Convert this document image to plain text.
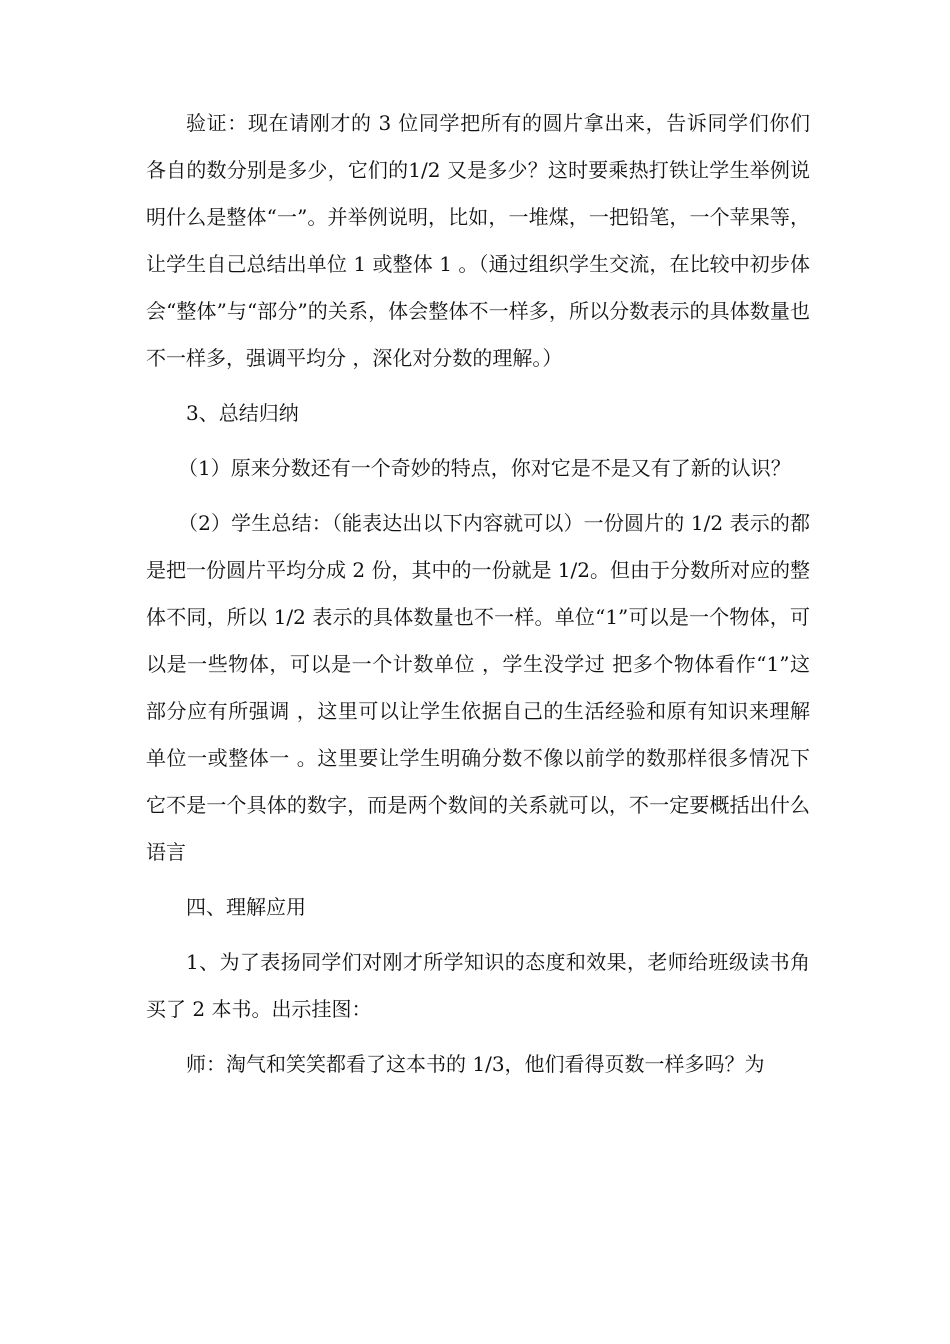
验证：现在请刚才的 3 位同学把所有的圆片拿出来，告诉同学们你们各自的数分别是多少，它们的1/2 又是多少？这时要乘热打铁让学生举例说明什么是整体“一”。并举例说明，比如，一堆煤，一把铅笔，一个苹果等， 让学生自己总结出单位 1 或整体 1 。（通过组织学生交流，在比较中初步体会“整体”与“部分”的关系，体会整体不一样多，所以分数表示的具体数量也不一样多，强调平均分 ，深化对分数的理解。）

3、总结归纳

（1）原来分数还有一个奇妙的特点，你对它是不是又有了新的认识？

（2）学生总结：（能表达出以下内容就可以）一份圆片的 1/2 表示的都是把一份圆片平均分成 2 份，其中的一份就是 1/2。但由于分数所对应的整体不同，所以 1/2 表示的具体数量也不一样。单位“1”可以是一个物体，可以是一些物体，可以是一个计数单位 ，学生没学过 把多个物体看作“1”这部分应有所强调 ，这里可以让学生依据自己的生活经验和原有知识来理解单位一或整体一 。这里要让学生明确分数不像以前学的数那样很多情况下它不是一个具体的数字，而是两个数间的关系就可以，不一定要概括出什么语言

四、理解应用

1、为了表扬同学们对刚才所学知识的态度和效果，老师给班级读书角买了 2 本书。出示挂图：

师：淘气和笑笑都看了这本书的 1/3，他们看得页数一样多吗？为
